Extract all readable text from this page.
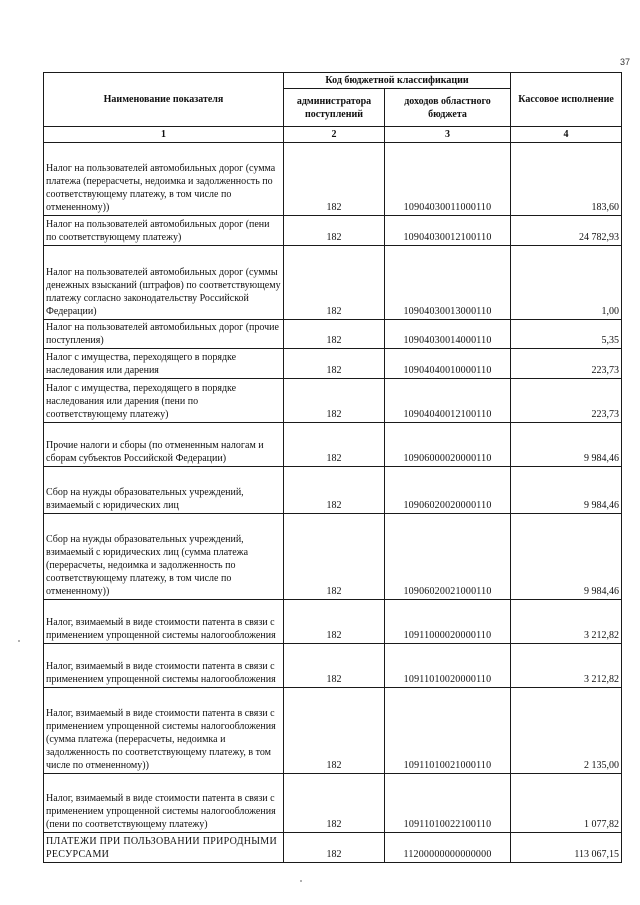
37
Наименование показателя	Код бюджетной классификации		Кассовое исполнение
	администратора поступлений	доходов областного бюджета	
1	2	3	4
Налог на пользователей автомобильных дорог (сумма платежа (перерасчеты, недоимка и задолженность по соответствующему платежу, в том числе по отмененному))	182	10904030011000110	183,60
Налог на пользователей автомобильных дорог (пени по соответствующему платежу)	182	10904030012100110	24 782,93
Налог на пользователей автомобильных дорог (суммы денежных взысканий (штрафов) по соответствующему платежу согласно законодательству Российской Федерации)	182	10904030013000110	1,00
Налог на пользователей автомобильных дорог (прочие поступления)	182	10904030014000110	5,35
Налог с имущества, переходящего в порядке наследования или дарения	182	10904040010000110	223,73
Налог с имущества, переходящего в порядке наследования или дарения (пени по соответствующему платежу)	182	10904040012100110	223,73
Прочие налоги и сборы (по отмененным налогам и сборам субъектов Российской Федерации)	182	10906000020000110	9 984,46
Сбор на нужды образовательных учреждений, взимаемый с юридических лиц	182	10906020020000110	9 984,46
Сбор на нужды образовательных учреждений, взимаемый с юридических лиц (сумма платежа (перерасчеты, недоимка и задолженность по соответствующему платежу, в том числе по отмененному))	182	10906020021000110	9 984,46
Налог, взимаемый в виде стоимости патента в связи с применением упрощенной системы налогообложения	182	10911000020000110	3 212,82
Налог, взимаемый в виде стоимости патента в связи с применением упрощенной системы налогообложения	182	10911010020000110	3 212,82
Налог, взимаемый в виде стоимости патента в связи с применением упрощенной системы налогообложения (сумма платежа (перерасчеты, недоимка и задолженность по соответствующему платежу, в том числе по отмененному))	182	10911010021000110	2 135,00
Налог, взимаемый в виде стоимости патента в связи с применением упрощенной системы налогообложения (пени по соответствующему платежу)	182	10911010022100110	1 077,82
ПЛАТЕЖИ ПРИ ПОЛЬЗОВАНИИ ПРИРОДНЫМИ РЕСУРСАМИ	182	11200000000000000	113 067,15
